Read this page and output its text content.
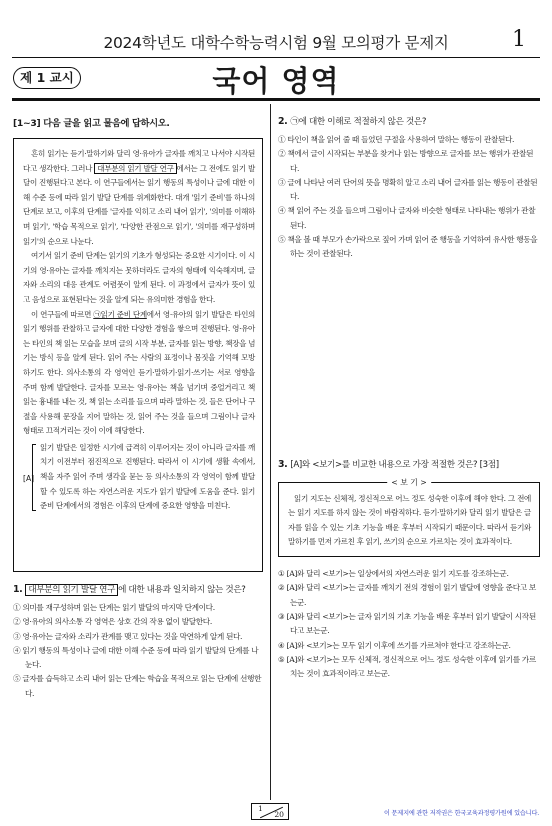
2024학년도 대학수학능력시험 9월 모의평가 문제지	1
제 1 교시	국어 영역
[1~3] 다음 글을 읽고 물음에 답하시오.

흔히 읽기는 듣기·말하기와 달리 영·유아가 글자를 깨치고 나서야 시작된다고 생각한다. 그러나 대부분의 읽기 발달 연구 에서는 그 전에도 읽기 발달이 진행된다고 본다. 이 연구들에서는 읽기 행동의 특성이나 글에 대한 이해 수준 등에 따라 읽기 발달 단계를 위계화한다. 대개 '읽기 준비'를 하나의 단계로 보고, 이후의 단계를 '글자를 익히고 소리 내어 읽기', '의미를 이해하며 읽기', '학습 목적으로 읽기', '다양한 관점으로 읽기', '의미를 재구성하며 읽기'의 순으로 나눈다.

여기서 읽기 준비 단계는 읽기의 기초가 형성되는 중요한 시기이다. 이 시기의 영·유아는 글자를 깨치지는 못하더라도 글자의 형태에 익숙해지며, 글자와 소리의 대응 관계도 어렴풋이 알게 된다. 이 과정에서 글자가 뜻이 있고 음성으로 표현된다는 것을 알게 되는 유의미한 경험을 한다.

이 연구들에 따르면 ㉠읽기 준비 단계에서 영·유아의 읽기 발달은 타인의 읽기 행위를 관찰하고 글자에 대한 다양한 경험을 쌓으며 진행된다. 영·유아는 타인의 책 읽는 모습을 보며 글의 시작 부분, 글자를 읽는 방향, 책장을 넘기는 방식 등을 알게 된다. 읽어 주는 사람의 표정이나 몸짓을 기억해 모방하기도 한다. 의사소통의 각 영역인 듣기·말하기·읽기·쓰기는 서로 영향을 주며 함께 발달한다. 글자를 모르는 영·유아는 책을 넘기며 중얼거리고 책 읽는 흉내를 내는 것, 책 읽는 소리를 들으며 따라 말하는 것, 들은 단어나 구절을 사용해 문장을 지어 말하는 것, 읽어 주는 것을 들으며 그림이나 글자 형태로 끄적거리는 것이 이에 해당한다.

[A]

읽기 발달은 일정한 시기에 급격히 이루어지는 것이 아니라 글자를 깨치기 이전부터 점진적으로 진행된다. 따라서 이 시기에 생활 속에서, 책을 자주 읽어 주며 생각을 묻는 등 의사소통의 각 영역이 함께 발달할 수 있도록 하는 자연스러운 지도가 읽기 발달에 도움을 준다. 읽기 준비 단계에서의 경험은 이후의 단계에 중요한 영향을 미친다.

1. 대부분의 읽기 발달 연구 에 대한 내용과 일치하지 않는 것은?
① 의미를 재구성하며 읽는 단계는 읽기 발달의 마지막 단계이다.
② 영·유아의 의사소통 각 영역은 상호 간의 작용 없이 발달한다.
③ 영·유아는 글자와 소리가 관계를 맺고 있다는 것을 막연하게 알게 된다.
④ 읽기 행동의 특성이나 글에 대한 이해 수준 등에 따라 읽기 발달의 단계를 나눈다.
⑤ 글자를 습득하고 소리 내어 읽는 단계는 학습을 목적으로 읽는 단계에 선행한다.
2. ㉠에 대한 이해로 적절하지 않은 것은?
① 타인이 책을 읽어 줄 때 들었던 구절을 사용하여 말하는 행동이 관찰된다.
② 책에서 글이 시작되는 부분을 찾거나 읽는 방향으로 글자를 보는 행위가 관찰된다.
③ 글에 나타난 여러 단어의 뜻을 명확히 알고 소리 내어 글자를 읽는 행동이 관찰된다.
④ 책 읽어 주는 것을 들으며 그림이나 글자와 비슷한 형태로 나타내는 행위가 관찰된다.
⑤ 책을 볼 때 부모가 손가락으로 짚어 가며 읽어 준 행동을 기억하여 유사한 행동을 하는 것이 관찰된다.
3. [A]와 <보기>를 비교한 내용으로 가장 적절한 것은? [3점]
< 보 기 >

읽기 지도는 신체적, 정신적으로 어느 정도 성숙한 이후에 해야 한다. 그 전에는 읽기 지도를 하지 않는 것이 바람직하다. 듣기·말하기와 달리 읽기 발달은 글자를 읽을 수 있는 기초 기능을 배운 후부터 시작되기 때문이다. 따라서 듣기와 말하기를 먼저 가르친 후 읽기, 쓰기의 순으로 가르치는 것이 효과적이다.

① [A]와 달리 <보기>는 일상에서의 자연스러운 읽기 지도를 강조하는군.
② [A]와 달리 <보기>는 글자를 깨치기 전의 경험이 읽기 발달에 영향을 준다고 보는군.
③ [A]와 달리 <보기>는 글자 읽기의 기초 기능을 배운 후부터 읽기 발달이 시작된다고 보는군.
④ [A]와 <보기>는 모두 읽기 이후에 쓰기를 가르쳐야 한다고 강조하는군.
⑤ [A]와 <보기>는 모두 신체적, 정신적으로 어느 정도 성숙한 이후에 읽기를 가르치는 것이 효과적이라고 보는군.
1
20	이 문제지에 관한 저작권은 한국교육과정평가원에 있습니다.
